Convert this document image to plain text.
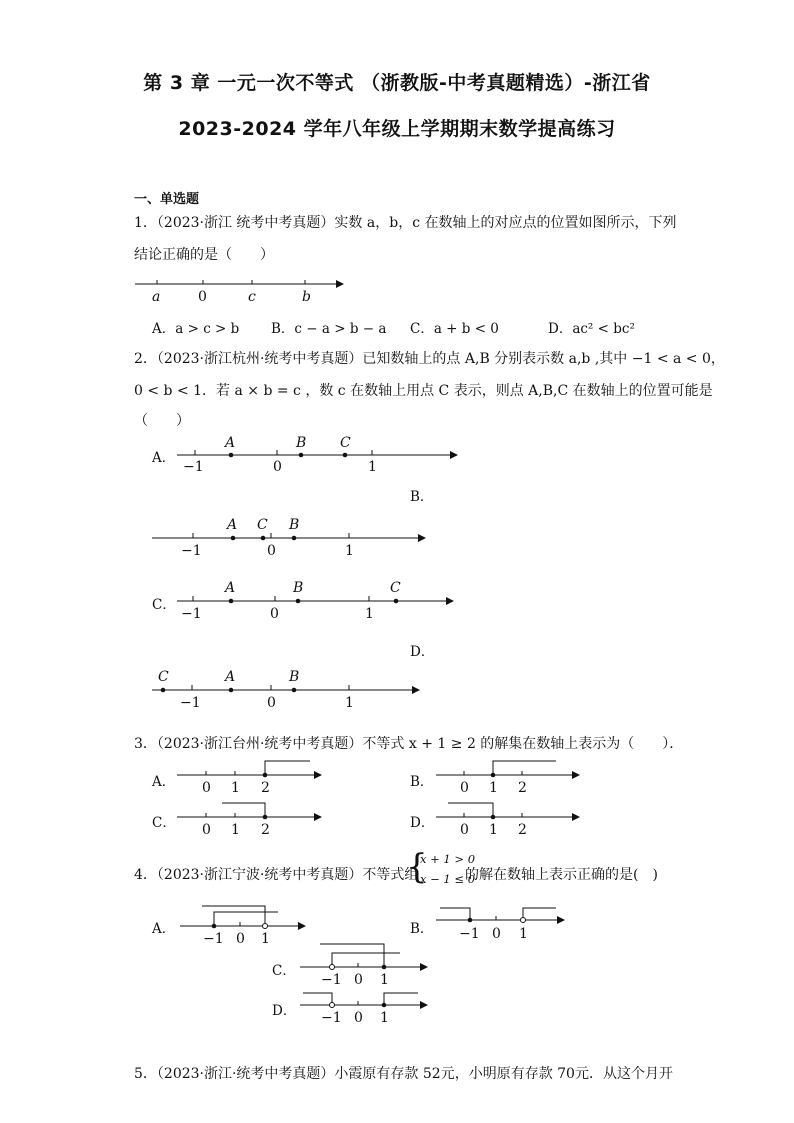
第 3 章 一元一次不等式 （浙教版-中考真题精选）-浙江省
2023-2024 学年八年级上学期期末数学提高练习
一、单选题
1．（2023·浙江 统考中考真题）实数 a，b，c 在数轴上的对应点的位置如图所示，下列
结论正确的是（　　）
a	0	c	b
A．a > c > b B．c − a > b − a C．a + b < 0	D．ac² < bc²
2．（2023·浙江杭州·统考中考真题）已知数轴上的点 A,B 分别表示数 a,b ,其中 −1 < a < 0，
0 < b < 1．若 a × b = c ，数 c 在数轴上用点 C 表示，则点 A,B,C 在数轴上的位置可能是
（　　）
A．
A	B C
−1	0	1
B．
A C B
−1	0	1
C．
A	B	C
−1	0	1
D．
C	A	B
−1	0	1
3．（2023·浙江台州·统考中考真题）不等式 x + 1 ≥ 2 的解集在数轴上表示为（　　）．
A．	B．
C．	D．
0 1 2	0 1 2
0 1 2	0 1 2
4．（2023·浙江宁波·统考中考真题）不等式组
{
x + 1 > 0
x − 1 ≤ 0
的解在数轴上表示正确的是(　)
A．	B．
C．
D．
−1 0 1	−1 0 1
−1 0 1
−1 0 1
5．（2023·浙江·统考中考真题）小霞原有存款 52元，小明原有存款 70元．从这个月开
